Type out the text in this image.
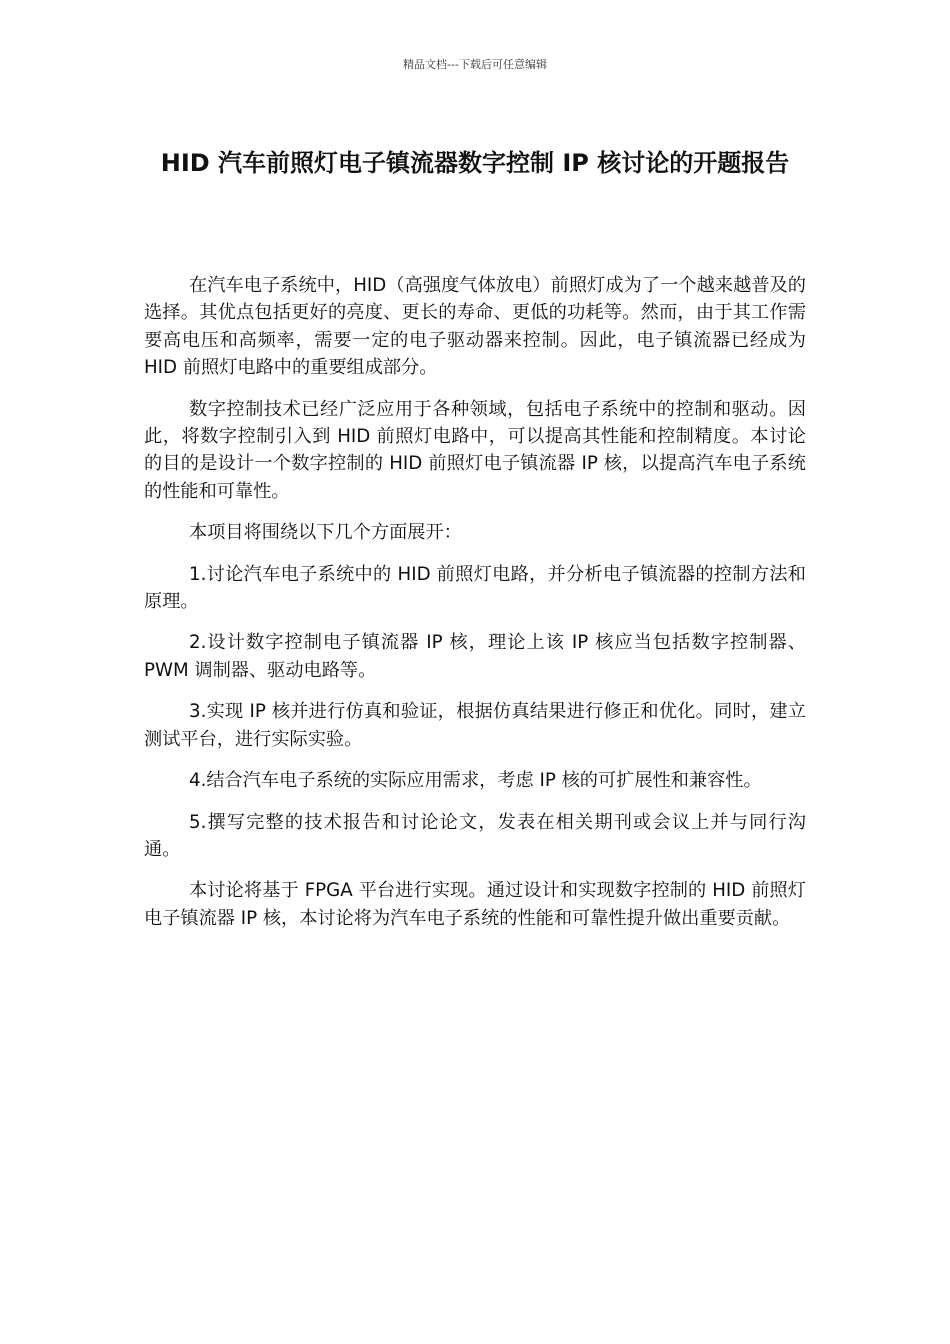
精品文档---下载后可任意编辑
HID 汽车前照灯电子镇流器数字控制 IP 核讨论的开题报告

在汽车电子系统中，HID（高强度气体放电）前照灯成为了一个越来越普及的选择。其优点包括更好的亮度、更长的寿命、更低的功耗等。然而，由于其工作需要高电压和高频率，需要一定的电子驱动器来控制。因此，电子镇流器已经成为 HID 前照灯电路中的重要组成部分。

数字控制技术已经广泛应用于各种领域，包括电子系统中的控制和驱动。因此，将数字控制引入到 HID 前照灯电路中，可以提高其性能和控制精度。本讨论的目的是设计一个数字控制的 HID 前照灯电子镇流器 IP 核，以提高汽车电子系统的性能和可靠性。

本项目将围绕以下几个方面展开：

1.讨论汽车电子系统中的 HID 前照灯电路，并分析电子镇流器的控制方法和原理。

2.设计数字控制电子镇流器 IP 核，理论上该 IP 核应当包括数字控制器、PWM 调制器、驱动电路等。

3.实现 IP 核并进行仿真和验证，根据仿真结果进行修正和优化。同时，建立测试平台，进行实际实验。

4.结合汽车电子系统的实际应用需求，考虑 IP 核的可扩展性和兼容性。

5.撰写完整的技术报告和讨论论文，发表在相关期刊或会议上并与同行沟通。

本讨论将基于 FPGA 平台进行实现。通过设计和实现数字控制的 HID 前照灯电子镇流器 IP 核，本讨论将为汽车电子系统的性能和可靠性提升做出重要贡献。
